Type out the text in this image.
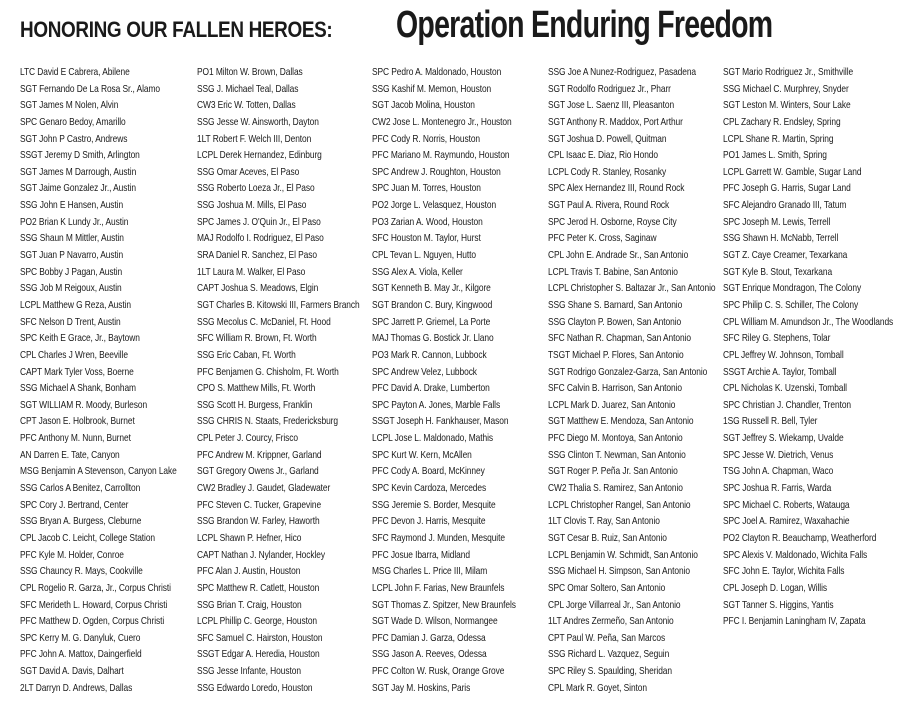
HONORING OUR FALLEN HEROES: Operation Enduring Freedom
LTC David E Cabrera, Abilene
SGT Fernando De La Rosa Sr., Alamo
SGT James M Nolen, Alvin
SPC Genaro Bedoy, Amarillo
SGT John P Castro, Andrews
SSGT Jeremy D Smith, Arlington
SGT James M Darrough, Austin
SGT Jaime Gonzalez Jr., Austin
SSG John E Hansen, Austin
PO2 Brian K Lundy Jr., Austin
SSG Shaun M Mittler, Austin
SGT Juan P Navarro, Austin
SPC Bobby J Pagan, Austin
SSG Job M Reigoux, Austin
LCPL Matthew G Reza, Austin
SFC Nelson D Trent, Austin
SPC Keith E Grace, Jr., Baytown
CPL Charles J Wren, Beeville
CAPT Mark Tyler Voss, Boerne
SSG Michael A Shank, Bonham
SGT WILLIAM R. Moody, Burleson
CPT Jason E. Holbrook, Burnet
PFC Anthony M. Nunn, Burnet
AN Darren E. Tate, Canyon
MSG Benjamin A Stevenson, Canyon Lake
SSG Carlos A Benitez, Carrollton
SPC Cory J. Bertrand, Center
SSG Bryan A. Burgess, Cleburne
CPL Jacob C. Leicht, College Station
PFC Kyle M. Holder, Conroe
SSG Chauncy R. Mays, Cookville
CPL Rogelio R. Garza, Jr., Corpus Christi
SFC Merideth L. Howard, Corpus Christi
PFC Matthew D. Ogden, Corpus Christi
SPC Kerry M. G. Danyluk, Cuero
PFC John A. Mattox, Daingerfield
SGT David A. Davis, Dalhart
2LT Darryn D. Andrews, Dallas
PO1 Milton W. Brown, Dallas
SSG J. Michael Teal, Dallas
CW3 Eric W. Totten, Dallas
SSG Jesse W. Ainsworth, Dayton
1LT Robert F. Welch III, Denton
LCPL Derek Hernandez, Edinburg
SSG Omar Aceves, El Paso
SSG Roberto Loeza Jr., El Paso
SSG Joshua M. Mills, El Paso
SPC James J. O'Quin Jr., El Paso
MAJ Rodolfo I. Rodriguez, El Paso
SRA Daniel R. Sanchez, El Paso
1LT Laura M. Walker, El Paso
CAPT Joshua S. Meadows, Elgin
SGT Charles B. Kitowski III, Farmers Branch
SSG Mecolus C. McDaniel, Ft. Hood
SFC William R. Brown, Ft. Worth
SSG Eric Caban, Ft. Worth
PFC Benjamen G. Chisholm, Ft. Worth
CPO S. Matthew Mills, Ft. Worth
SSG Scott H. Burgess, Franklin
SSG CHRIS N. Staats, Fredericksburg
CPL Peter J. Courcy, Frisco
PFC Andrew M. Krippner, Garland
SGT Gregory Owens Jr., Garland
CW2 Bradley J. Gaudet, Gladewater
PFC Steven C. Tucker, Grapevine
SSG Brandon W. Farley, Haworth
LCPL Shawn P. Hefner, Hico
CAPT Nathan J. Nylander, Hockley
PFC Alan J. Austin, Houston
SPC Matthew R. Catlett, Houston
SSG Brian T. Craig, Houston
LCPL Phillip C. George, Houston
SFC Samuel C. Hairston, Houston
SSGT Edgar A. Heredia, Houston
SSG Jesse Infante, Houston
SSG Edwardo Loredo, Houston
SPC Pedro A. Maldonado, Houston
SSG Kashif M. Memon, Houston
SGT Jacob Molina, Houston
CW2 Jose L. Montenegro Jr., Houston
PFC Cody R. Norris, Houston
PFC Mariano M. Raymundo, Houston
SPC Andrew J. Roughton, Houston
SPC Juan M. Torres, Houston
PO2 Jorge L. Velasquez, Houston
PO3 Zarian A. Wood, Houston
SFC Houston M. Taylor, Hurst
CPL Tevan L. Nguyen, Hutto
SSG Alex A. Viola, Keller
SGT Kenneth B. May Jr., Kilgore
SGT Brandon C. Bury, Kingwood
SPC Jarrett P. Griemel, La Porte
MAJ Thomas G. Bostick Jr. Llano
PO3 Mark R. Cannon, Lubbock
SPC Andrew Velez, Lubbock
PFC David A. Drake, Lumberton
SPC Payton A. Jones, Marble Falls
SSGT Joseph H. Fankhauser, Mason
LCPL Jose L. Maldonado, Mathis
SPC Kurt W. Kern, McAllen
PFC Cody A. Board, McKinney
SPC Kevin Cardoza, Mercedes
SSG Jeremie S. Border, Mesquite
PFC Devon J. Harris, Mesquite
SFC Raymond J. Munden, Mesquite
PFC Josue Ibarra, Midland
MSG Charles L. Price III, Milam
LCPL John F. Farias, New Braunfels
SGT Thomas Z. Spitzer, New Braunfels
SGT Wade D. Wilson, Normangee
PFC Damian J. Garza, Odessa
SSG Jason A. Reeves, Odessa
PFC Colton W. Rusk, Orange Grove
SGT Jay M. Hoskins, Paris
SSG Joe A Nunez-Rodriguez, Pasadena
SGT Rodolfo Rodriguez Jr., Pharr
SGT Jose L. Saenz III, Pleasanton
SGT Anthony R. Maddox, Port Arthur
SGT Joshua D. Powell, Quitman
CPL Isaac E. Diaz, Rio Hondo
LCPL Cody R. Stanley, Rosanky
SPC Alex Hernandez III, Round Rock
SGT Paul A. Rivera, Round Rock
SPC Jerod H. Osborne, Royse City
PFC Peter K. Cross, Saginaw
CPL John E. Andrade Sr., San Antonio
LCPL Travis T. Babine, San Antonio
LCPL Christopher S. Baltazar Jr., San Antonio
SSG Shane S. Barnard, San Antonio
SSG Clayton P. Bowen, San Antonio
SFC Nathan R. Chapman, San Antonio
TSGT Michael P. Flores, San Antonio
SGT Rodrigo Gonzalez-Garza, San Antonio
SFC Calvin B. Harrison, San Antonio
LCPL Mark D. Juarez, San Antonio
SGT Matthew E. Mendoza, San Antonio
PFC Diego M. Montoya, San Antonio
SSG Clinton T. Newman, San Antonio
SGT Roger P. Peña Jr. San Antonio
CW2 Thalia S. Ramirez, San Antonio
LCPL Christopher Rangel, San Antonio
1LT Clovis T. Ray, San Antonio
SGT Cesar B. Ruiz, San Antonio
LCPL Benjamin W. Schmidt, San Antonio
SSG Michael H. Simpson, San Antonio
SPC Omar Soltero, San Antonio
CPL Jorge Villarreal Jr., San Antonio
1LT Andres Zermeño, San Antonio
CPT Paul W. Peña, San Marcos
SSG Richard L. Vazquez, Seguin
SPC Riley S. Spaulding, Sheridan
CPL Mark R. Goyet, Sinton
SGT Mario Rodriguez Jr., Smithville
SSG Michael C. Murphrey, Snyder
SGT Leston M. Winters, Sour Lake
CPL Zachary R. Endsley, Spring
LCPL Shane R. Martin, Spring
PO1 James L. Smith, Spring
LCPL Garrett W. Gamble, Sugar Land
PFC Joseph G. Harris, Sugar Land
SFC Alejandro Granado III, Tatum
SPC Joseph M. Lewis, Terrell
SSG Shawn H. McNabb, Terrell
SGT Z. Caye Creamer, Texarkana
SGT Kyle B. Stout, Texarkana
SGT Enrique Mondragon, The Colony
SPC Philip C. S. Schiller, The Colony
CPL William M. Amundson Jr., The Woodlands
SFC Riley G. Stephens, Tolar
CPL Jeffrey W. Johnson, Tomball
SSGT Archie A. Taylor, Tomball
CPL Nicholas K. Uzenski, Tomball
SPC Christian J. Chandler, Trenton
1SG Russell R. Bell, Tyler
SGT Jeffrey S. Wiekamp, Uvalde
SPC Jesse W. Dietrich, Venus
TSG John A. Chapman, Waco
SPC Joshua R. Farris, Warda
SPC Michael C. Roberts, Watauga
SPC Joel A. Ramirez, Waxahachie
PO2 Clayton R. Beauchamp, Weatherford
SPC Alexis V. Maldonado, Wichita Falls
SFC John E. Taylor, Wichita Falls
CPL Joseph D. Logan, Willis
SGT Tanner S. Higgins, Yantis
PFC I. Benjamin Laningham IV, Zapata
